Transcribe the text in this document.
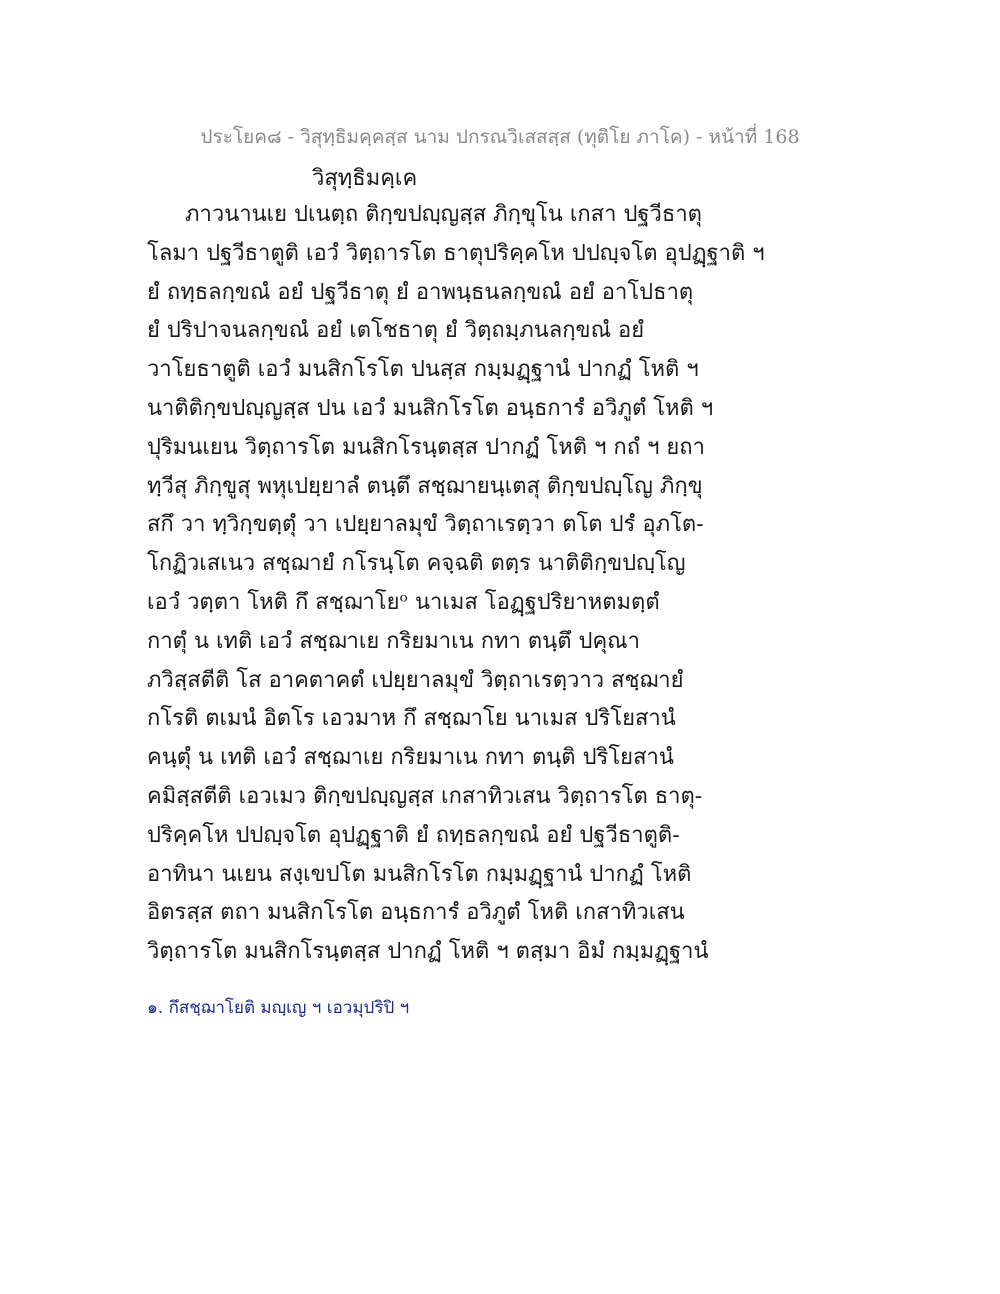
ประโยค๘ - วิสุทฺธิมคฺคสฺส นาม ปกรณวิเสสสฺส (ทุติโย ภาโค) - หน้าที่ 168
วิสุทฺธิมคฺเค
ภาวนานเย ปเนตฺถ ติกฺขปญฺญสฺส ภิกฺขุโน เกสา ปฐวีธาตุ
โลมา ปฐวีธาตูติ เอวํ วิตฺถารโต ธาตุปริคฺคโห ปปญฺจโต อุปฏฺฐาติ ฯ
ยํ ถทฺธลกฺขณํ อยํ ปฐวีธาตุ ยํ อาพนฺธนลกฺขณํ อยํ อาโปธาตุ
ยํ ปริปาจนลกฺขณํ อยํ เตโชธาตุ ยํ วิตฺถมฺภนลกฺขณํ อยํ
วาโยธาตูติ เอวํ มนสิกโรโต ปนสฺส กมฺมฏฺฐานํ ปากฏํ โหติ ฯ
นาติติกฺขปญฺญสฺส ปน เอวํ มนสิกโรโต อนฺธการํ อวิภูตํ โหติ ฯ
ปุริมนเยน วิตฺถารโต มนสิกโรนฺตสฺส ปากฏํ โหติ ฯ กถํ ฯ ยถา
ทฺวีสุ ภิกฺขูสุ พหุเปยฺยาลํ ตนฺตึ สชฺฌายนฺเตสุ ติกฺขปญฺโญ ภิกฺขุ
สกึ วา ทฺวิกฺขตฺตุํ วา เปยฺยาลมุขํ วิตฺถาเรตฺวา ตโต ปรํ อุภโต-
โกฏิวเสเนว สชฺฌายํ กโรนฺโต คจฺฉติ ตตฺร นาติติกฺขปญฺโญ
เอวํ วตฺตา โหติ กึ สชฺฌาโยᵒ นาเมส โอฏฺฐปริยาหตมตฺตํ
กาตุํ น เทติ เอวํ สชฺฌาเย กริยมาเน กทา ตนฺตึ ปคุณา
ภวิสฺสตีติ โส อาคตาคตํ เปยฺยาลมุขํ วิตฺถาเรตฺวาว สชฺฌายํ
กโรติ ตเมนํ อิตโร เอวมาห กึ สชฺฌาโย นาเมส ปริโยสานํ
คนฺตุํ น เทติ เอวํ สชฺฌาเย กริยมาเน กทา ตนฺติ ปริโยสานํ
คมิสฺสตีติ เอวเมว ติกฺขปญฺญสฺส เกสาทิวเสน วิตฺถารโต ธาตุ-
ปริคฺคโห ปปญฺจโต อุปฏฺฐาติ ยํ ถทฺธลกฺขณํ อยํ ปฐวีธาตูติ-
อาทินา นเยน สงฺเขปโต มนสิกโรโต กมฺมฏฺฐานํ ปากฏํ โหติ
อิตรสฺส ตถา มนสิกโรโต อนฺธการํ อวิภูตํ โหติ เกสาทิวเสน
วิตฺถารโต มนสิกโรนฺตสฺส ปากฏํ โหติ ฯ ตสฺมา อิมํ กมฺมฏฺฐานํ
๑. กึสชฺฌาโยติ มญฺเญ ฯ เอวมุปริปิ ฯ
